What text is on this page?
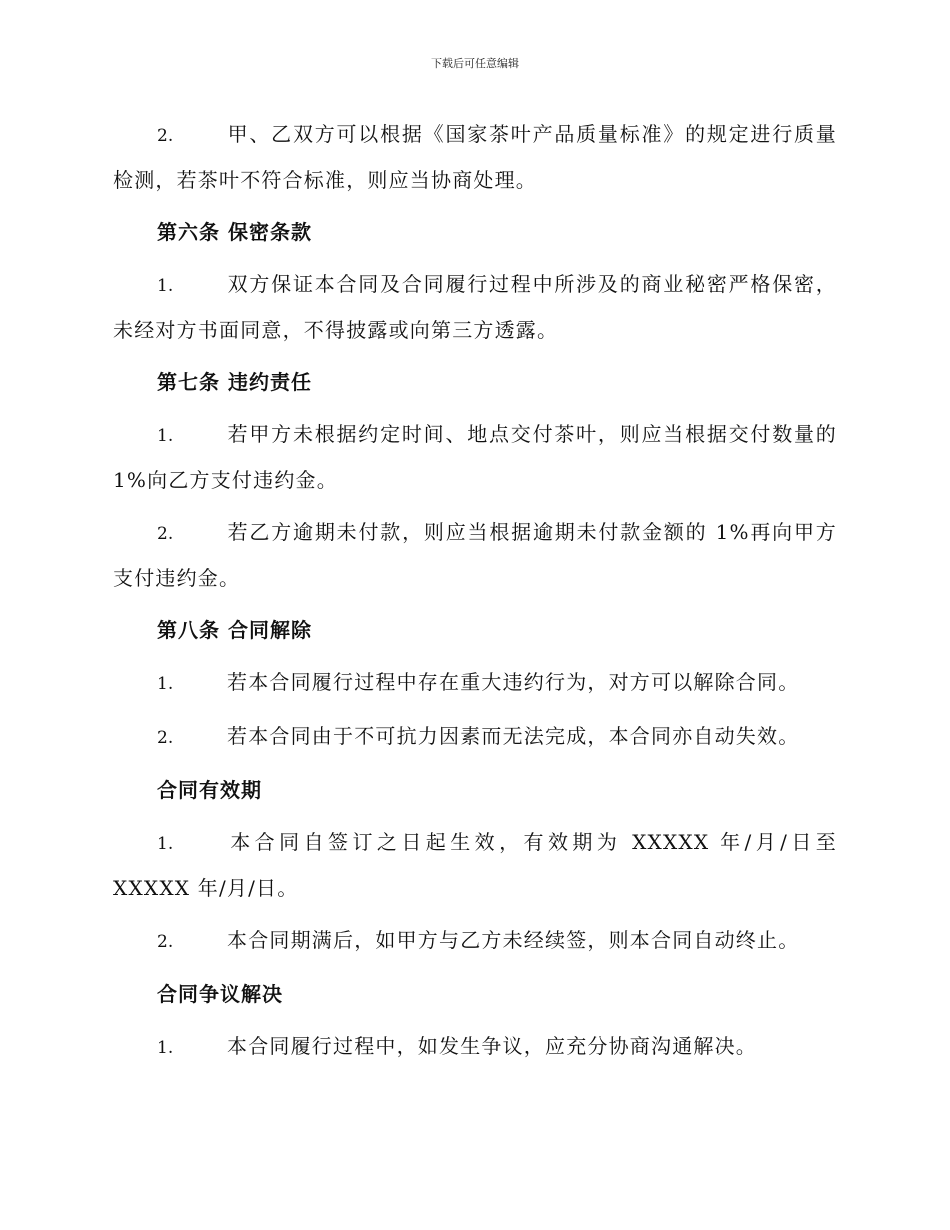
下载后可任意编辑

2.	甲、乙双方可以根据《国家茶叶产品质量标准》的规定进行质量检测，若茶叶不符合标准，则应当协商处理。

第六条 保密条款

1.	双方保证本合同及合同履行过程中所涉及的商业秘密严格保密，未经对方书面同意，不得披露或向第三方透露。

第七条 违约责任

1.	若甲方未根据约定时间、地点交付茶叶，则应当根据交付数量的1%向乙方支付违约金。

2.	若乙方逾期未付款，则应当根据逾期未付款金额的 1%再向甲方支付违约金。

第八条 合同解除

1.	若本合同履行过程中存在重大违约行为，对方可以解除合同。

2.	若本合同由于不可抗力因素而无法完成，本合同亦自动失效。

合同有效期

1.	本合同自签订之日起生效，有效期为 XXXXX 年/月/日至 XXXXX 年/月/日。

2.	本合同期满后，如甲方与乙方未经续签，则本合同自动终止。

合同争议解决

1.	本合同履行过程中，如发生争议，应充分协商沟通解决。
